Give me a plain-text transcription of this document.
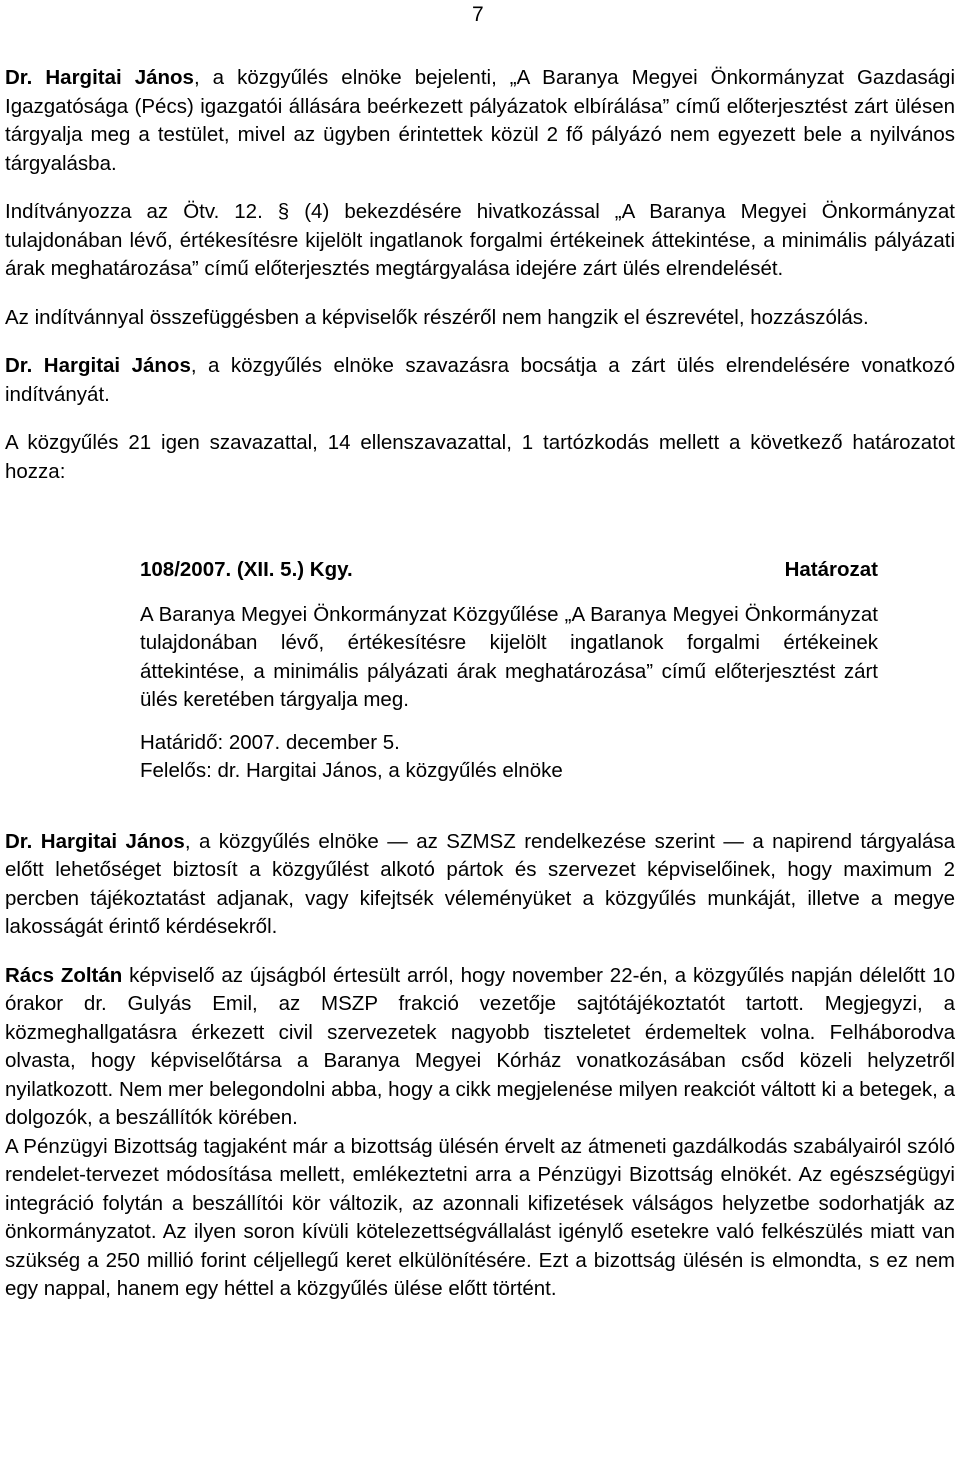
7

Dr. Hargitai János, a közgyűlés elnöke bejelenti, „A Baranya Megyei Önkormányzat Gazdasági Igazgatósága (Pécs) igazgatói állására beérkezett pályázatok elbírálása” című előterjesztést zárt ülésen tárgyalja meg a testület, mivel az ügyben érintettek közül 2 fő pályázó nem egyezett bele a nyilvános tárgyalásba.

Indítványozza az Ötv. 12. § (4) bekezdésére hivatkozással „A Baranya Megyei Önkormányzat tulajdonában lévő, értékesítésre kijelölt ingatlanok forgalmi értékeinek áttekintése, a minimális pályázati árak meghatározása” című előterjesztés megtárgyalása idejére zárt ülés elrendelését.

Az indítvánnyal összefüggésben a képviselők részéről nem hangzik el észrevétel, hozzászólás.

Dr. Hargitai János, a közgyűlés elnöke szavazásra bocsátja a zárt ülés elrendelésére vonatkozó indítványát.

A közgyűlés 21 igen szavazattal, 14 ellenszavazattal, 1 tartózkodás mellett a következő határozatot hozza:

108/2007. (XII. 5.) Kgy.	Határozat

A Baranya Megyei Önkormányzat Közgyűlése „A Baranya Megyei Önkormányzat tulajdonában lévő, értékesítésre kijelölt ingatlanok forgalmi értékeinek áttekintése, a minimális pályázati árak meghatározása” című előterjesztést zárt ülés keretében tárgyalja meg.

Határidő: 2007. december 5.

Felelős: dr. Hargitai János, a közgyűlés elnöke

Dr. Hargitai János, a közgyűlés elnöke — az SZMSZ rendelkezése szerint — a napirend tárgyalása előtt lehetőséget biztosít a közgyűlést alkotó pártok és szervezet képviselőinek, hogy maximum 2 percben tájékoztatást adjanak, vagy kifejtsék véleményüket a közgyűlés munkáját, illetve a megye lakosságát érintő kérdésekről.

Rács Zoltán képviselő az újságból értesült arról, hogy november 22-én, a közgyűlés napján délelőtt 10 órakor dr. Gulyás Emil, az MSZP frakció vezetője sajtótájékoztatót tartott. Megjegyzi, a közmeghallgatásra érkezett civil szervezetek nagyobb tiszteletet érdemeltek volna. Felháborodva olvasta, hogy képviselőtársa a Baranya Megyei Kórház vonatkozásában csőd közeli helyzetről nyilatkozott. Nem mer belegondolni abba, hogy a cikk megjelenése milyen reakciót váltott ki a betegek, a dolgozók, a beszállítók körében.

A Pénzügyi Bizottság tagjaként már a bizottság ülésén érvelt az átmeneti gazdálkodás szabályairól szóló rendelet-tervezet módosítása mellett, emlékeztetni arra a Pénzügyi Bizottság elnökét. Az egészségügyi integráció folytán a beszállítói kör változik, az azonnali kifizetések válságos helyzetbe sodorhatják az önkormányzatot. Az ilyen soron kívüli kötelezettségvállalást igénylő esetekre való felkészülés miatt van szükség a 250 millió forint céljellegű keret elkülönítésére. Ezt a bizottság ülésén is elmondta, s ez nem egy nappal, hanem egy héttel a közgyűlés ülése előtt történt.
